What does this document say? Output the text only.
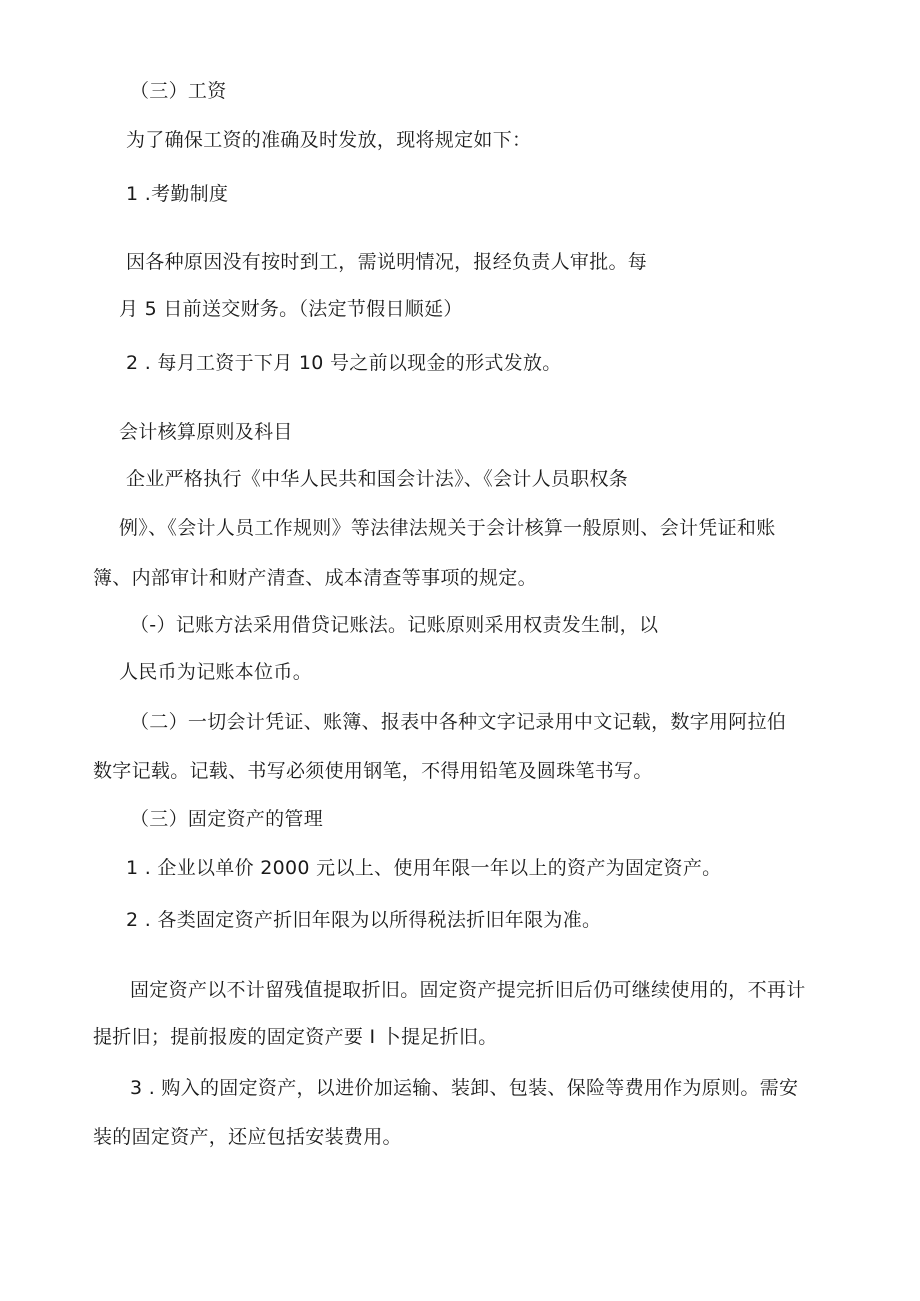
（三）工资
为了确保工资的准确及时发放，现将规定如下：
1 .考勤制度
因各种原因没有按时到工，需说明情况，报经负责人审批。每
月 5 日前送交财务。（法定节假日顺延）
2 . 每月工资于下月 10 号之前以现金的形式发放。
会计核算原则及科目
企业严格执行《中华人民共和国会计法》、《会计人员职权条
例》、《会计人员工作规则》等法律法规关于会计核算一般原则、会计凭证和账
簿、内部审计和财产清查、成本清查等事项的规定。
（-）记账方法采用借贷记账法。记账原则采用权责发生制，以
人民币为记账本位币。
（二）一切会计凭证、账簿、报表中各种文字记录用中文记载，数字用阿拉伯
数字记载。记载、书写必须使用钢笔，不得用铅笔及圆珠笔书写。
（三）固定资产的管理
1 . 企业以单价 2000 元以上、使用年限一年以上的资产为固定资产。
2 . 各类固定资产折旧年限为以所得税法折旧年限为准。
固定资产以不计留残值提取折旧。固定资产提完折旧后仍可继续使用的，不再计
提折旧；提前报废的固定资产要 I 卜提足折旧。
3 . 购入的固定资产，以进价加运输、装卸、包装、保险等费用作为原则。需安
装的固定资产，还应包括安装费用。
